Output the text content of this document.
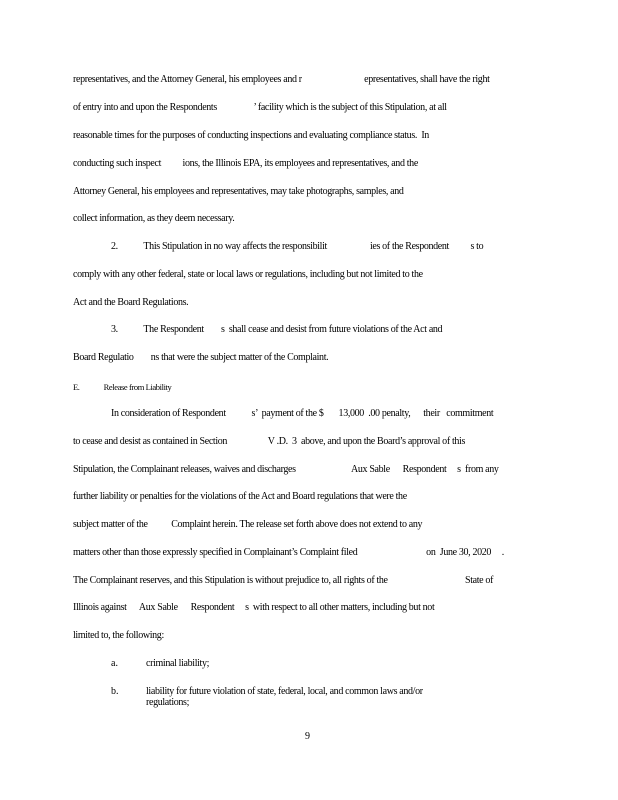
representatives, and the Attorney General, his employees and r                             epresentatives, shall have the right
of entry into and upon the Respondents                 ’ facility which is the subject of this Stipulation, at all
reasonable times for the purposes of conducting inspections and evaluating compliance status.  In
conducting such inspect          ions, the Illinois EPA, its employees and representatives, and the
Attorney General, his employees and representatives, may take photographs, samples, and
collect information, as they deem necessary.
2.            This Stipulation in no way affects the responsibilit                    ies of the Respondent          s to
comply with any other federal, state or local laws or regulations, including but not limited to the
Act and the Board Regulations.
3.            The Respondent        s  shall cease and desist from future violations of the Act and
Board Regulatio        ns that were the subject matter of the Complaint.
E.              Release from Liability
In consideration of Respondent            s’  payment of the $       13,000  .00 penalty,      their   commitment
to cease and desist as contained in Section                   V .D.  3  above, and upon the Board’s approval of this
Stipulation, the Complainant releases, waives and discharges                          Aux Sable      Respondent     s  from any
further liability or penalties for the violations of the Act and Board regulations that were the
subject matter of the           Complaint herein. The release set forth above does not extend to any
matters other than those expressly specified in Complainant’s Complaint filed                                on  June 30, 2020     .
The Complainant reserves, and this Stipulation is without prejudice to, all rights of the                                    State of
Illinois against      Aux Sable      Respondent     s  with respect to all other matters, including but not
limited to, the following:
a.	criminal liability;
b.	liability for future violation of state, federal, local, and common laws and/or
regulations;
9
